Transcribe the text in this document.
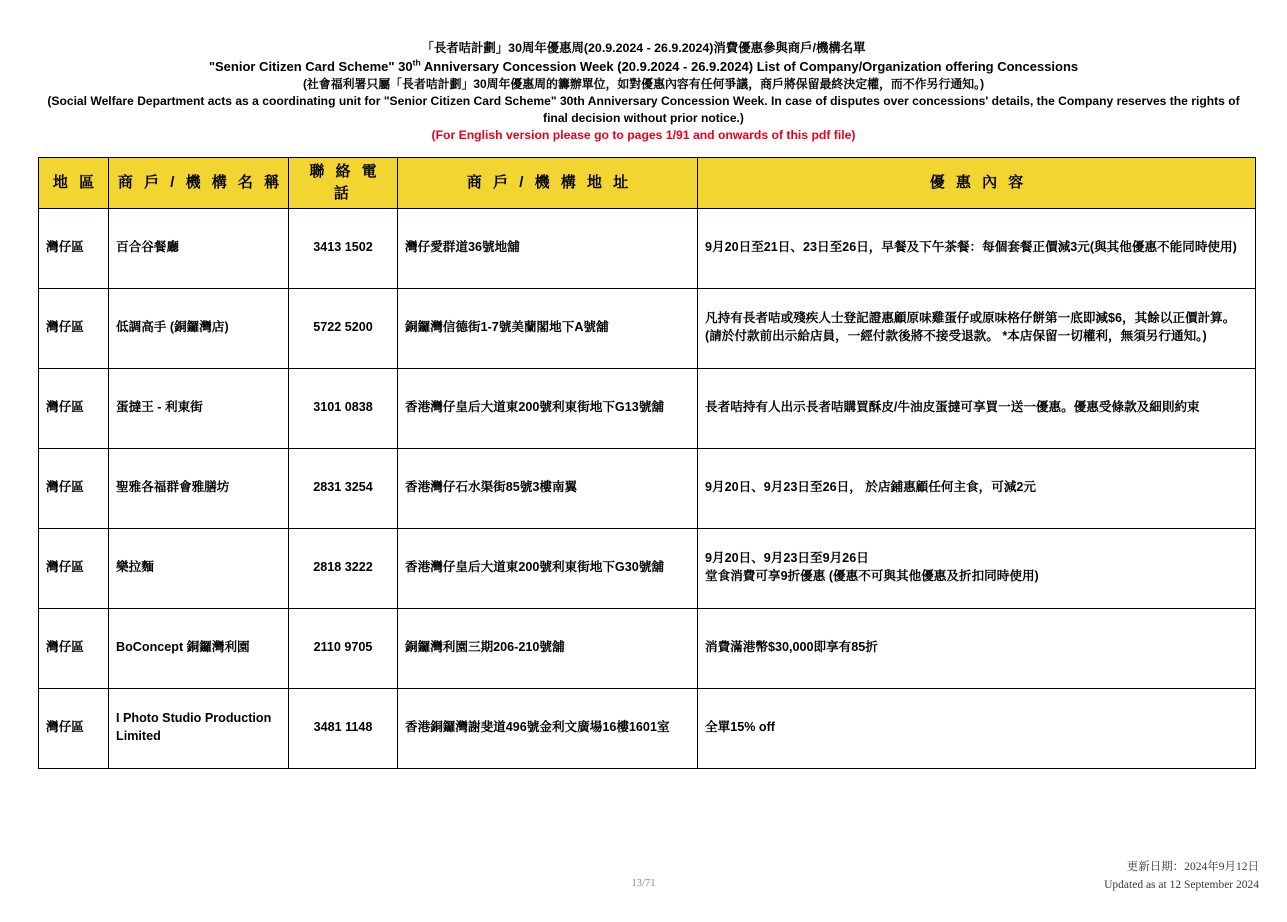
「長者咭計劃」30周年優惠周(20.9.2024 - 26.9.2024)消費優惠參與商戶/機構名單
"Senior Citizen Card Scheme" 30th Anniversary Concession Week (20.9.2024 - 26.9.2024) List of Company/Organization offering Concessions
(社會福利署只屬「長者咭計劃」30周年優惠周的籌辦單位，如對優惠內容有任何爭議，商戶將保留最終決定權，而不作另行通知。)
(Social Welfare Department acts as a coordinating unit for "Senior Citizen Card Scheme" 30th Anniversary Concession Week. In case of disputes over concessions' details, the Company reserves the rights of final decision without prior notice.)
(For English version please go to pages 1/91 and onwards of this pdf file)
地 區	商 戶 / 機 構 名 稱	聯 絡 電 話	商 戶 / 機 構 地 址	優 惠 內 容
灣仔區	百合谷餐廳	3413 1502	灣仔愛群道36號地舖	9月20日至21日、23日至26日，早餐及下午茶餐：每個套餐正價減3元(與其他優惠不能同時使用)
灣仔區	低調高手 (銅鑼灣店)	5722 5200	銅鑼灣信德街1-7號美蘭閣地下A號舖	凡持有長者咭或殘疾人士登記證惠顧原味雞蛋仔或原味格仔餅第一底即減$6，其餘以正價計算。
(請於付款前出示給店員，一經付款後將不接受退款。 *本店保留一切權利，無須另行通知。)
灣仔區	蛋撻王 - 利東街	3101 0838	香港灣仔皇后大道東200號利東街地下G13號舖	長者咭持有人出示長者咭購買酥皮/牛油皮蛋撻可享買一送一優惠。優惠受條款及細則約束
灣仔區	聖雅各福群會雅膳坊	2831 3254	香港灣仔石水渠街85號3樓南翼	9月20日、9月23日至26日， 於店鋪惠顧任何主食，可減2元
灣仔區	樂拉麵	2818 3222	香港灣仔皇后大道東200號利東街地下G30號舖	9月20日、9月23日至9月26日
堂食消費可享9折優惠 (優惠不可與其他優惠及折扣同時使用)
灣仔區	BoConcept 銅鑼灣利園	2110 9705	銅鑼灣利園三期206-210號舖	消費滿港幣$30,000即享有85折
灣仔區	I Photo Studio Production Limited	3481 1148	香港銅鑼灣謝斐道496號金利文廣場16樓1601室	全單15% off
13/71
更新日期：2024年9月12日
Updated as at 12 September 2024
